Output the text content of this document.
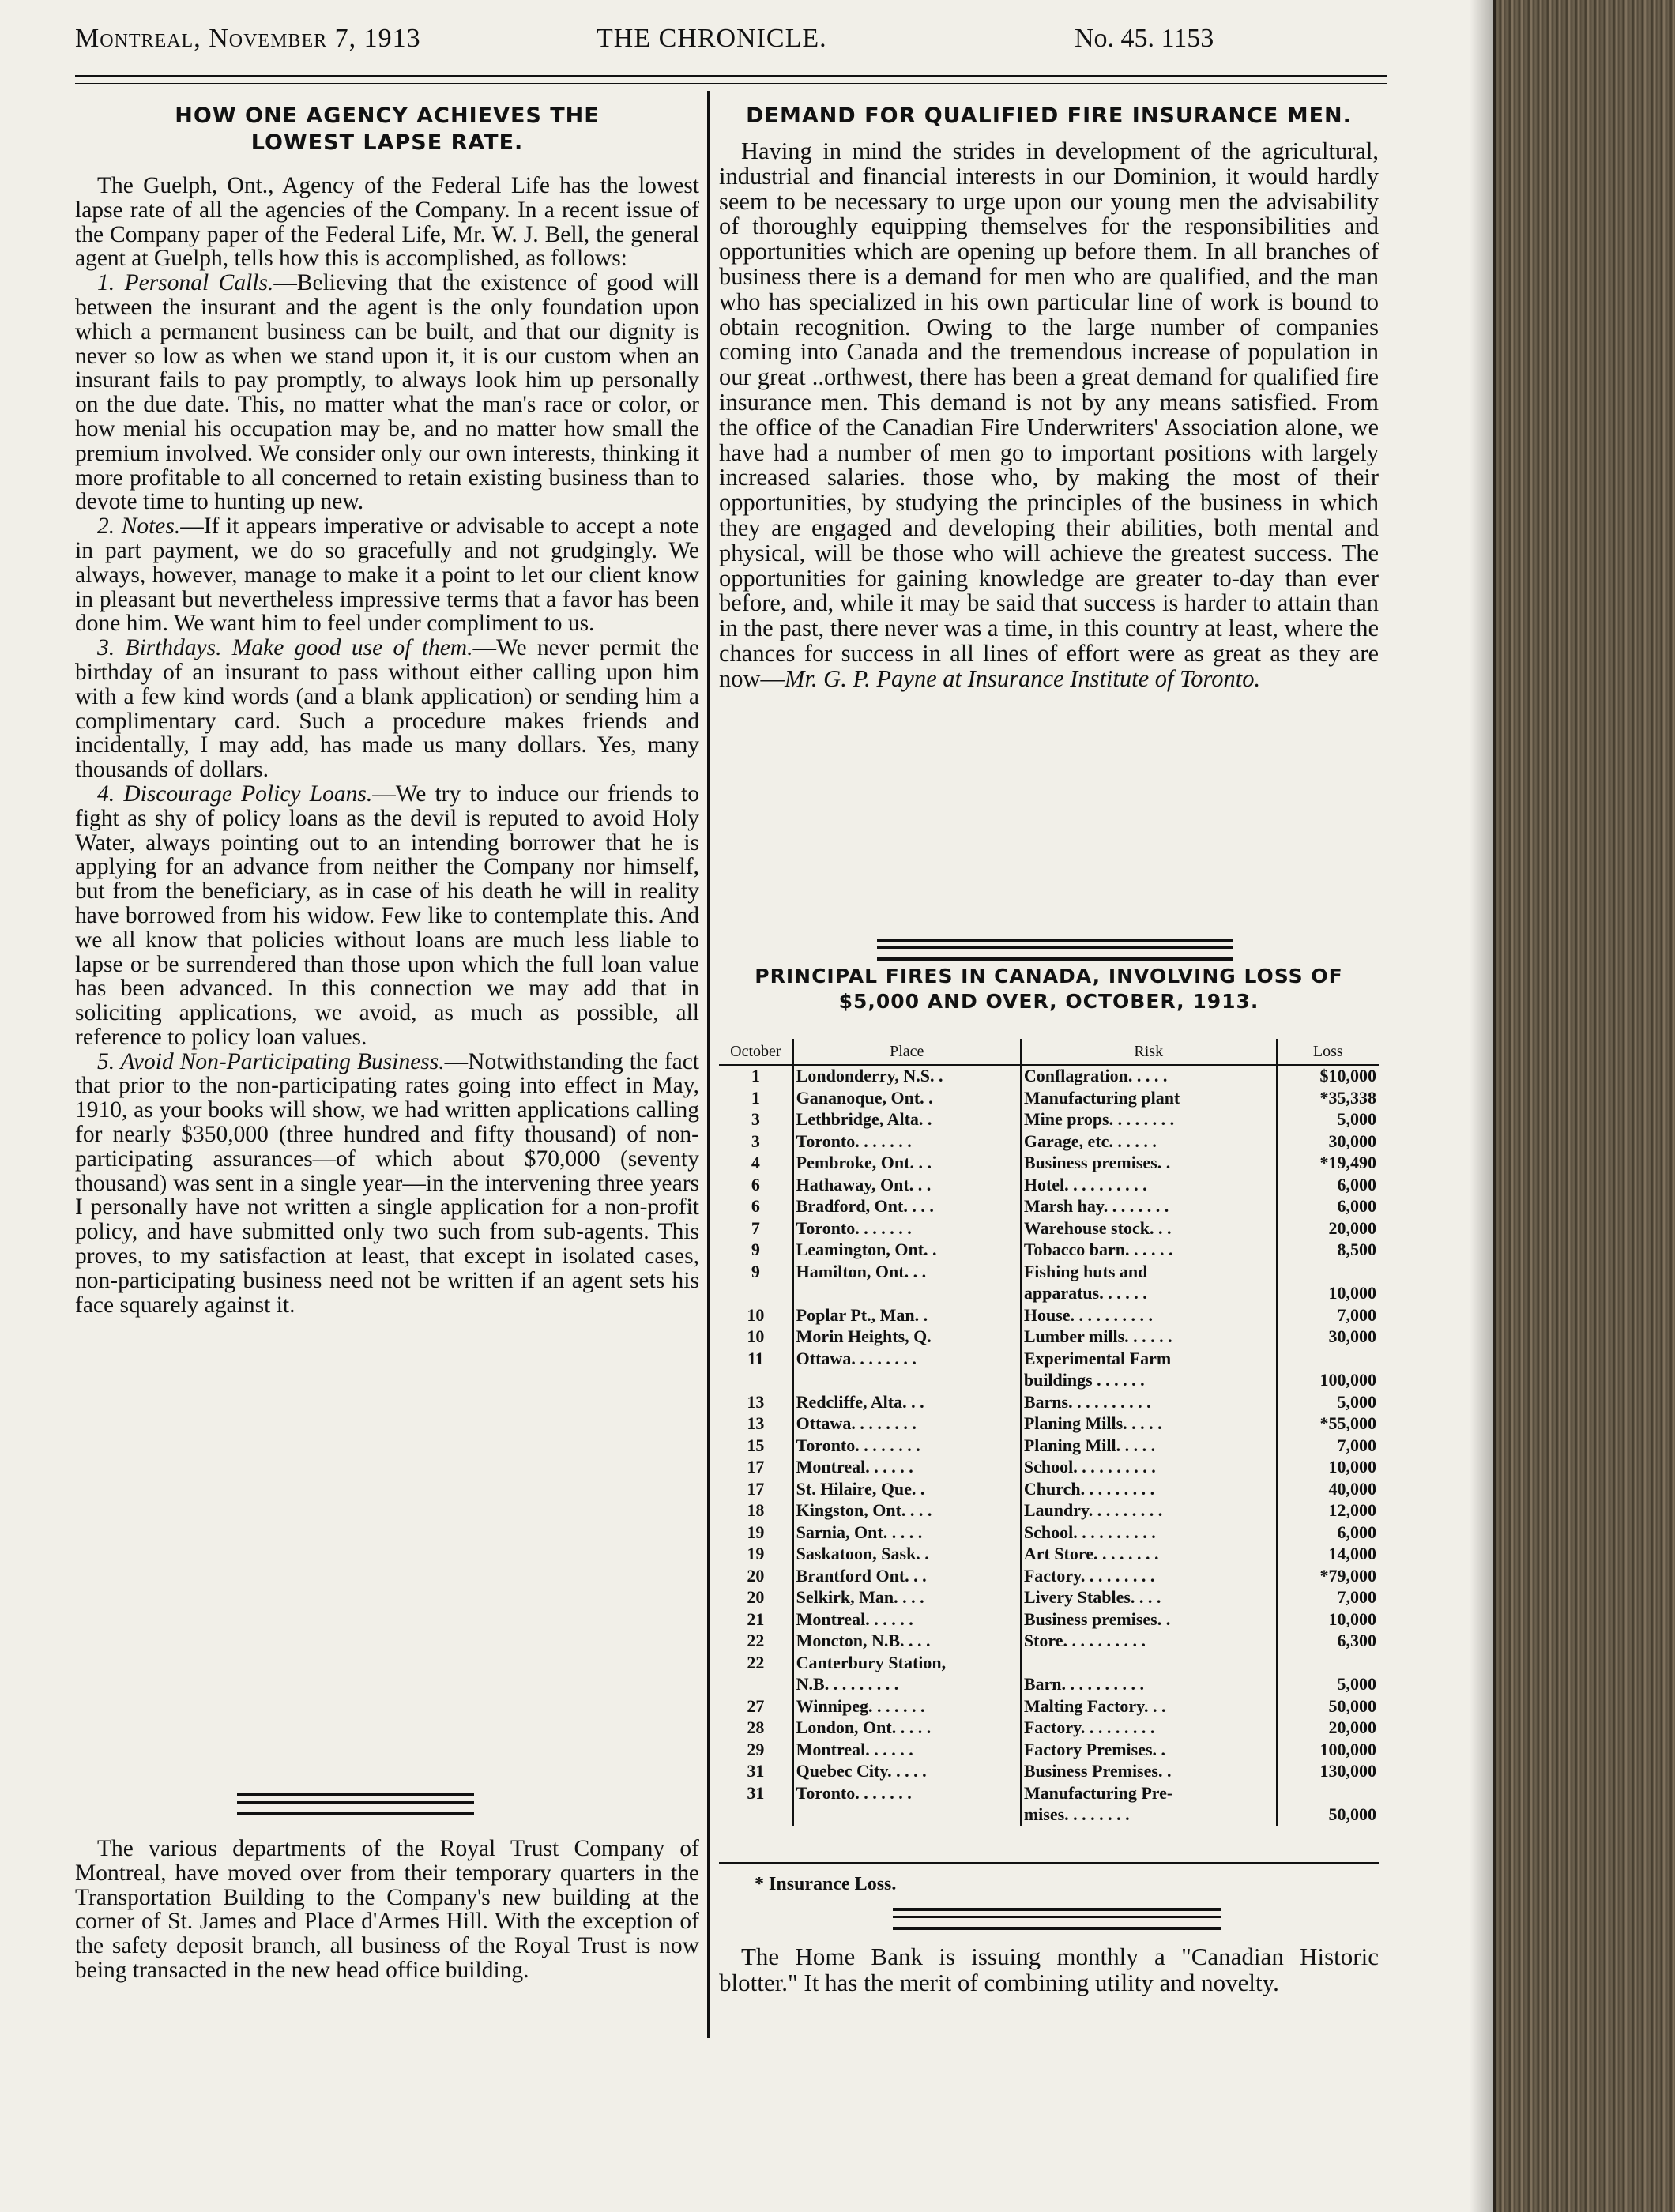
Montreal, November 7, 1913	THE CHRONICLE.	No. 45. 1153
HOW ONE AGENCY ACHIEVES THE LOWEST LAPSE RATE.

The Guelph, Ont., Agency of the Federal Life has the lowest lapse rate of all the agencies of the Company. In a recent issue of the Company paper of the Federal Life, Mr. W. J. Bell, the general agent at Guelph, tells how this is accomplished, as follows:

1. Personal Calls.—Believing that the existence of good will between the insurant and the agent is the only foundation upon which a permanent business can be built, and that our dignity is never so low as when we stand upon it, it is our custom when an insurant fails to pay promptly, to always look him up personally on the due date. This, no matter what the man's race or color, or how menial his occupation may be, and no matter how small the premium involved. We consider only our own interests, thinking it more profitable to all concerned to retain existing business than to devote time to hunting up new.

2. Notes.—If it appears imperative or advisable to accept a note in part payment, we do so gracefully and not grudgingly. We always, however, manage to make it a point to let our client know in pleasant but nevertheless impressive terms that a favor has been done him. We want him to feel under compliment to us.

3. Birthdays. Make good use of them.—We never permit the birthday of an insurant to pass without either calling upon him with a few kind words (and a blank application) or sending him a complimentary card. Such a procedure makes friends and incidentally, I may add, has made us many dollars. Yes, many thousands of dollars.

4. Discourage Policy Loans.—We try to induce our friends to fight as shy of policy loans as the devil is reputed to avoid Holy Water, always pointing out to an intending borrower that he is applying for an advance from neither the Company nor himself, but from the beneficiary, as in case of his death he will in reality have borrowed from his widow. Few like to contemplate this. And we all know that policies without loans are much less liable to lapse or be surrendered than those upon which the full loan value has been advanced. In this connection we may add that in soliciting applications, we avoid, as much as possible, all reference to policy loan values.

5. Avoid Non-Participating Business.—Notwithstanding the fact that prior to the non-participating rates going into effect in May, 1910, as your books will show, we had written applications calling for nearly $350,000 (three hundred and fifty thousand) of non-participating assurances—of which about $70,000 (seventy thousand) was sent in a single year—in the intervening three years I personally have not written a single application for a non-profit policy, and have submitted only two such from sub-agents. This proves, to my satisfaction at least, that except in isolated cases, non-participating business need not be written if an agent sets his face squarely against it.

The various departments of the Royal Trust Company of Montreal, have moved over from their temporary quarters in the Transportation Building to the Company's new building at the corner of St. James and Place d'Armes Hill. With the exception of the safety deposit branch, all business of the Royal Trust is now being transacted in the new head office building.

DEMAND FOR QUALIFIED FIRE INSURANCE MEN.

Having in mind the strides in development of the agricultural, industrial and financial interests in our Dominion, it would hardly seem to be necessary to urge upon our young men the advisability of thoroughly equipping themselves for the responsibilities and opportunities which are opening up before them. In all branches of business there is a demand for men who are qualified, and the man who has specialized in his own particular line of work is bound to obtain recognition. Owing to the large number of companies coming into Canada and the tremendous increase of population in our great ..orthwest, there has been a great demand for qualified fire insurance men. This demand is not by any means satisfied. From the office of the Canadian Fire Underwriters' Association alone, we have had a number of men go to important positions with largely increased salaries. those who, by making the most of their opportunities, by studying the principles of the business in which they are engaged and developing their abilities, both mental and physical, will be those who will achieve the greatest success. The opportunities for gaining knowledge are greater to-day than ever before, and, while it may be said that success is harder to attain than in the past, there never was a time, in this country at least, where the chances for success in all lines of effort were as great as they are now—Mr. G. P. Payne at Insurance Institute of Toronto.

PRINCIPAL FIRES IN CANADA, INVOLVING LOSS OF $5,000 AND OVER, OCTOBER, 1913.
October	Place	Risk	Loss
1	Londonderry, N.S. .	Conflagration. . . . .	$10,000
1	Gananoque, Ont. .	Manufacturing plant	*35,338
3	Lethbridge, Alta. .	Mine props. . . . . . . .	5,000
3	Toronto. . . . . . .	Garage, etc. . . . . .	30,000
4	Pembroke, Ont. . .	Business premises. .	*19,490
6	Hathaway, Ont. . .	Hotel. . . . . . . . . .	6,000
6	Bradford, Ont. . . .	Marsh hay. . . . . . . .	6,000
7	Toronto. . . . . . .	Warehouse stock. . .	20,000
9	Leamington, Ont. .	Tobacco barn. . . . . .	8,500
9	Hamilton, Ont. . .	Fishing huts and	
		apparatus. . . . . .	10,000
10	Poplar Pt., Man. .	House. . . . . . . . . .	7,000
10	Morin Heights, Q.	Lumber mills. . . . . .	30,000
11	Ottawa. . . . . . . .	Experimental Farm	
		buildings . . . . . .	100,000
13	Redcliffe, Alta. . .	Barns. . . . . . . . . .	5,000
13	Ottawa. . . . . . . .	Planing Mills. . . . .	*55,000
15	Toronto. . . . . . . .	Planing Mill. . . . .	7,000
17	Montreal. . . . . .	School. . . . . . . . . .	10,000
17	St. Hilaire, Que. .	Church. . . . . . . . .	40,000
18	Kingston, Ont. . . .	Laundry. . . . . . . . .	12,000
19	Sarnia, Ont. . . . .	School. . . . . . . . . .	6,000
19	Saskatoon, Sask. .	Art Store. . . . . . . .	14,000
20	Brantford Ont. . .	Factory. . . . . . . . .	*79,000
20	Selkirk, Man. . . .	Livery Stables. . . .	7,000
21	Montreal. . . . . .	Business premises. .	10,000
22	Moncton, N.B. . . .	Store. . . . . . . . . .	6,300
22	Canterbury Station,		
	N.B. . . . . . . . .	Barn. . . . . . . . . .	5,000
27	Winnipeg. . . . . . .	Malting Factory. . .	50,000
28	London, Ont. . . . .	Factory. . . . . . . . .	20,000
29	Montreal. . . . . .	Factory Premises. .	100,000
31	Quebec City. . . . .	Business Premises. .	130,000
31	Toronto. . . . . . .	Manufacturing Pre-	
		mises. . . . . . . .	50,000
* Insurance Loss.

The Home Bank is issuing monthly a "Canadian Historic blotter." It has the merit of combining utility and novelty.
